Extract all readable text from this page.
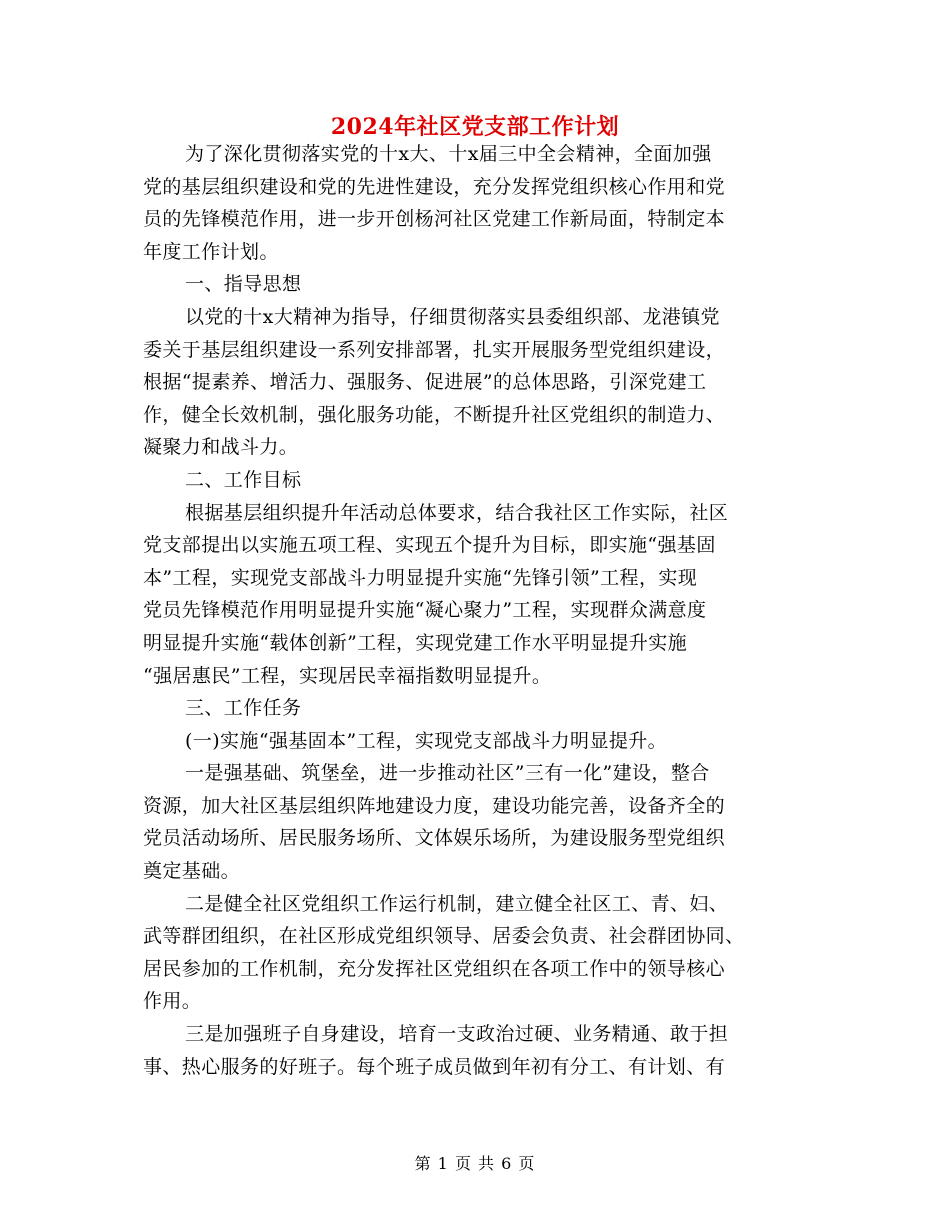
2024年社区党支部工作计划
为了深化贯彻落实党的十x大、十x届三中全会精神，全面加强
党的基层组织建设和党的先进性建设，充分发挥党组织核心作用和党
员的先锋模范作用，进一步开创杨河社区党建工作新局面，特制定本
年度工作计划。
一、指导思想
以党的十x大精神为指导，仔细贯彻落实县委组织部、龙港镇党
委关于基层组织建设一系列安排部署，扎实开展服务型党组织建设，
根据“提素养、增活力、强服务、促进展”的总体思路，引深党建工
作，健全长效机制，强化服务功能，不断提升社区党组织的制造力、
凝聚力和战斗力。
二、工作目标
根据基层组织提升年活动总体要求，结合我社区工作实际，社区
党支部提出以实施五项工程、实现五个提升为目标，即实施“强基固
本”工程，实现党支部战斗力明显提升实施“先锋引领”工程，实现
党员先锋模范作用明显提升实施“凝心聚力”工程，实现群众满意度
明显提升实施“载体创新”工程，实现党建工作水平明显提升实施
“强居惠民”工程，实现居民幸福指数明显提升。
三、工作任务
(一)实施“强基固本”工程，实现党支部战斗力明显提升。
一是强基础、筑堡垒，进一步推动社区”三有一化”建设，整合
资源，加大社区基层组织阵地建设力度，建设功能完善，设备齐全的
党员活动场所、居民服务场所、文体娱乐场所，为建设服务型党组织
奠定基础。
二是健全社区党组织工作运行机制，建立健全社区工、青、妇、
武等群团组织，在社区形成党组织领导、居委会负责、社会群团协同、
居民参加的工作机制，充分发挥社区党组织在各项工作中的领导核心
作用。
三是加强班子自身建设，培育一支政治过硬、业务精通、敢于担
事、热心服务的好班子。每个班子成员做到年初有分工、有计划、有
第 1 页 共 6 页
